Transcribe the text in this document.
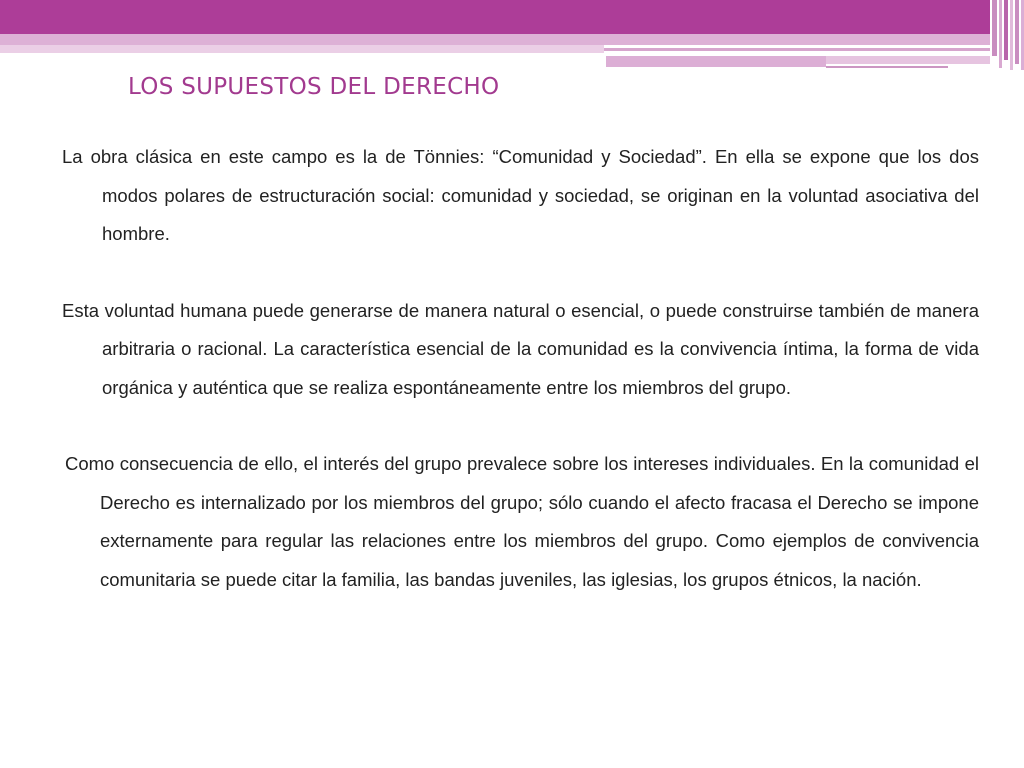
LOS SUPUESTOS DEL DERECHO

La obra clásica en este campo es la de Tönnies: “Comunidad y Sociedad”. En ella se expone que los dos modos polares de estructuración social: comunidad y sociedad, se originan en la voluntad asociativa del hombre.

Esta voluntad humana puede generarse de manera natural o esencial, o puede construirse también de manera arbitraria o racional. La característica esencial de la comunidad es la convivencia íntima, la forma de vida orgánica y auténtica que se realiza espontáneamente entre los miembros del grupo.

Como consecuencia de ello, el interés del grupo prevalece sobre los intereses individuales. En la comunidad el Derecho es internalizado por los miembros del grupo; sólo cuando el afecto fracasa el Derecho se impone externamente para regular las relaciones entre los miembros del grupo. Como ejemplos de convivencia comunitaria se puede citar la familia, las bandas juveniles, las iglesias, los grupos étnicos, la nación.
